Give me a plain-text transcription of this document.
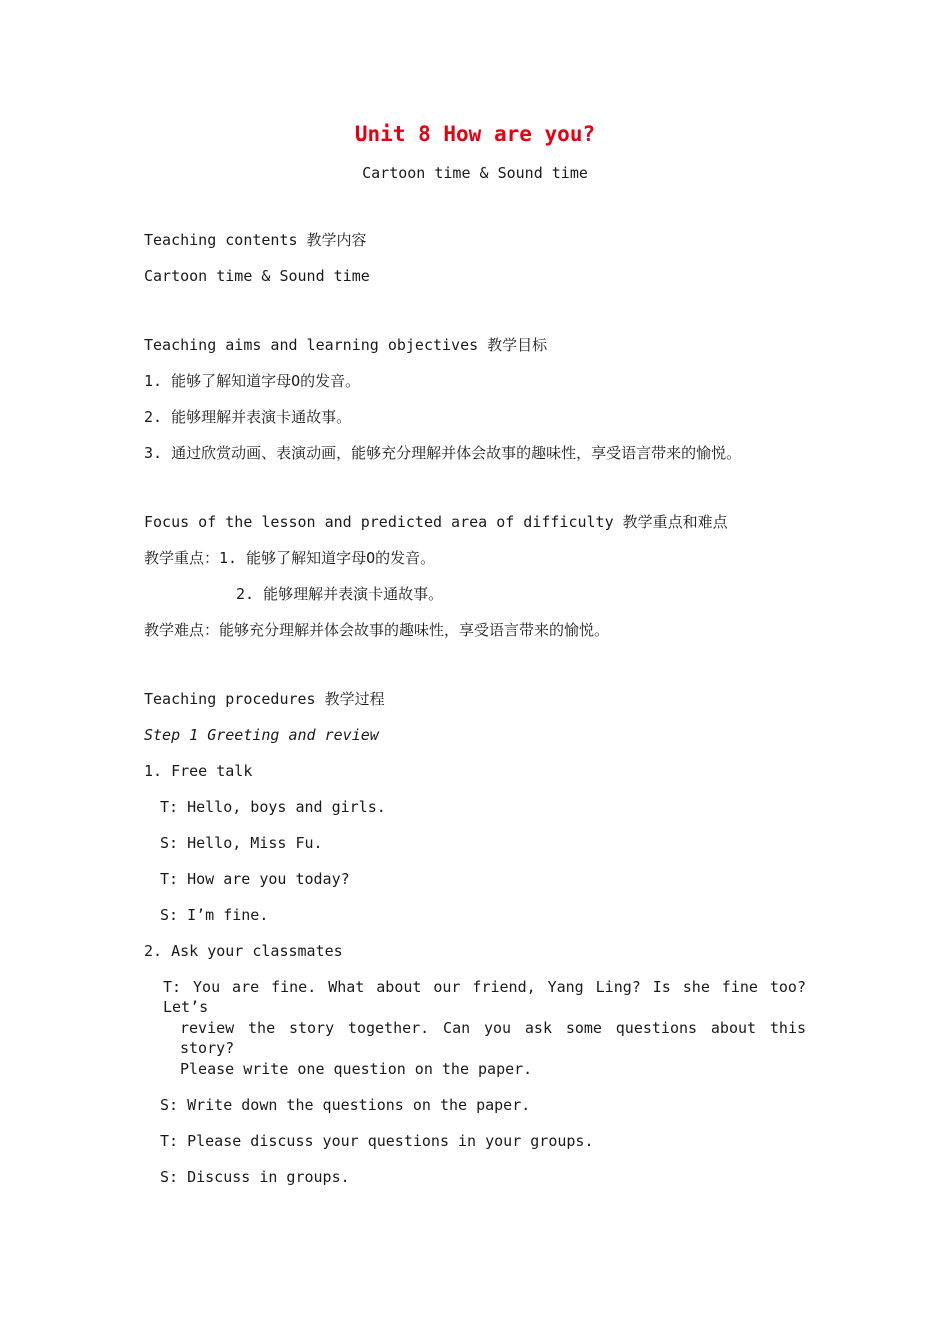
Unit 8 How are you?
Cartoon time & Sound time
Teaching contents 教学内容
Cartoon time & Sound time
Teaching aims and learning objectives 教学目标
1. 能够了解知道字母O的发音。
2. 能够理解并表演卡通故事。
3. 通过欣赏动画、表演动画，能够充分理解并体会故事的趣味性，享受语言带来的愉悦。
Focus of the lesson and predicted area of difficulty 教学重点和难点
教学重点：1. 能够了解知道字母O的发音。
2. 能够理解并表演卡通故事。
教学难点：能够充分理解并体会故事的趣味性，享受语言带来的愉悦。
Teaching procedures 教学过程
Step 1 Greeting and review
1. Free talk
T: Hello, boys and girls.
S: Hello, Miss Fu.
T: How are you today?
S: I’m fine.
2. Ask your classmates
T: You are fine. What about our friend, Yang Ling? Is she fine too? Let’s
review the story together. Can you ask some questions about this story?
Please write one question on the paper.
S: Write down the questions on the paper.
T: Please discuss your questions in your groups.
S: Discuss in groups.
